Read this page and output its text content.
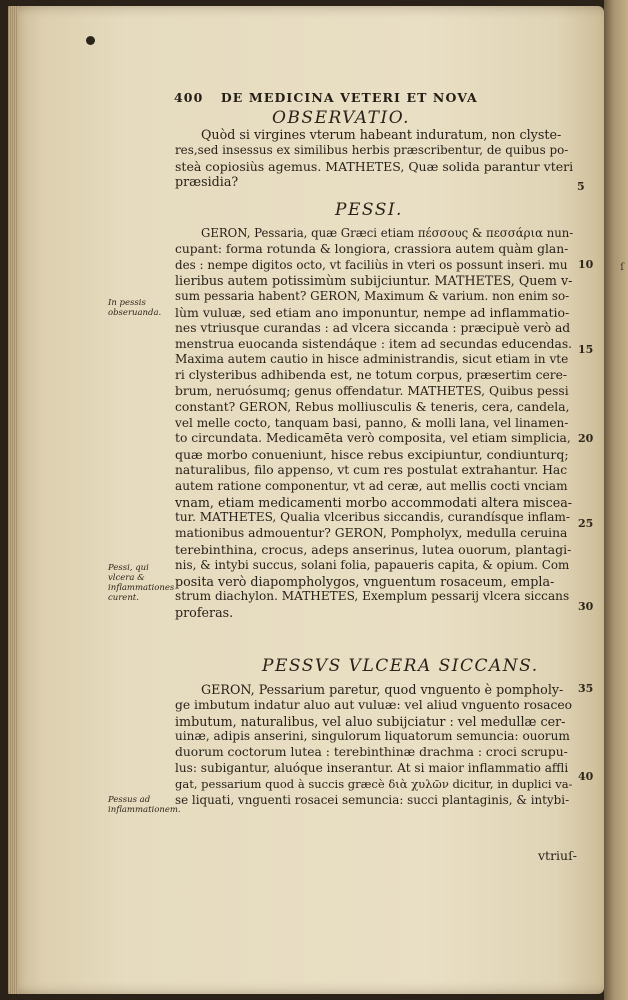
ſ
400 DE MEDICINA VETERI ET NOVA
OBSERVATIO.
Quòd si virgines vterum habeant induratum, non clyste-
res,sed insessus ex similibus herbis præscribentur, de quibus po-
steà copiosiùs agemus. MATHETES, Quæ solida parantur vteri
præsidia?
PESSI.
GERON, Pessaria, quæ Græci etiam πέσσους & πεσσάρια nun-
cupant: forma rotunda & longiora, crassiora autem quàm glan-
des : nempe digitos octo, vt faciliùs in vteri os possunt inseri. mu
lieribus autem potissimùm subijciuntur. MATHETES, Quem v-
sum pessaria habent? GERON, Maximum & varium. non enim so-
lùm vuluæ, sed etiam ano imponuntur, nempe ad inflammatio-
nes vtriusque curandas : ad vlcera siccanda : præcipuè verò ad
menstrua euocanda sistendáque : item ad secundas educendas.
Maxima autem cautio in hisce administrandis, sicut etiam in vte
ri clysteribus adhibenda est, ne totum corpus, præsertim cere-
brum, neruósumq; genus offendatur. MATHETES, Quibus pessi
constant? GERON, Rebus molliusculis & teneris, cera, candela,
vel melle cocto, tanquam basi, panno, & molli lana, vel linamen-
to circundata. Medicamēta verò composita, vel etiam simplicia,
quæ morbo conueniunt, hisce rebus excipiuntur, condiunturq;
naturalibus, filo appenso, vt cum res postulat extrahantur. Hac
autem ratione componentur, vt ad ceræ, aut mellis cocti vnciam
vnam, etiam medicamenti morbo accommodati altera miscea-
tur. MATHETES, Qualia vlceribus siccandis, curandísque inflam-
mationibus admouentur? GERON, Pompholyx, medulla ceruina
terebinthina, crocus, adeps anserinus, lutea ouorum, plantagi-
nis, & intybi succus, solani folia, papaueris capita, & opium. Com
posita verò diapompholygos, vnguentum rosaceum, empla-
strum diachylon. MATHETES, Exemplum pessarij vlcera siccans
proferas.
PESSVS VLCERA SICCANS.
GERON, Pessarium paretur, quod vnguento è pompholy-
ge imbutum indatur aluo aut vuluæ: vel aliud vnguento rosaceo
imbutum, naturalibus, vel aluo subijciatur : vel medullæ cer-
uinæ, adipis anserini, singulorum liquatorum semuncia: ouorum
duorum coctorum lutea : terebinthinæ drachma : croci scrupu-
lus: subigantur, aluóque inserantur. At si maior inflammatio affli
gat, pessarium quod à succis græcè διὰ χυλῶν dicitur, in duplici va-
se liquati, vnguenti rosacei semuncia: succi plantaginis, & intybi-
vtriuſ-
In pessis obseruanda.
Pessi, qui vlcera & inflammationes curent.
Pessus ad inflammationem.
5
10
15
20
25
30
35
40
